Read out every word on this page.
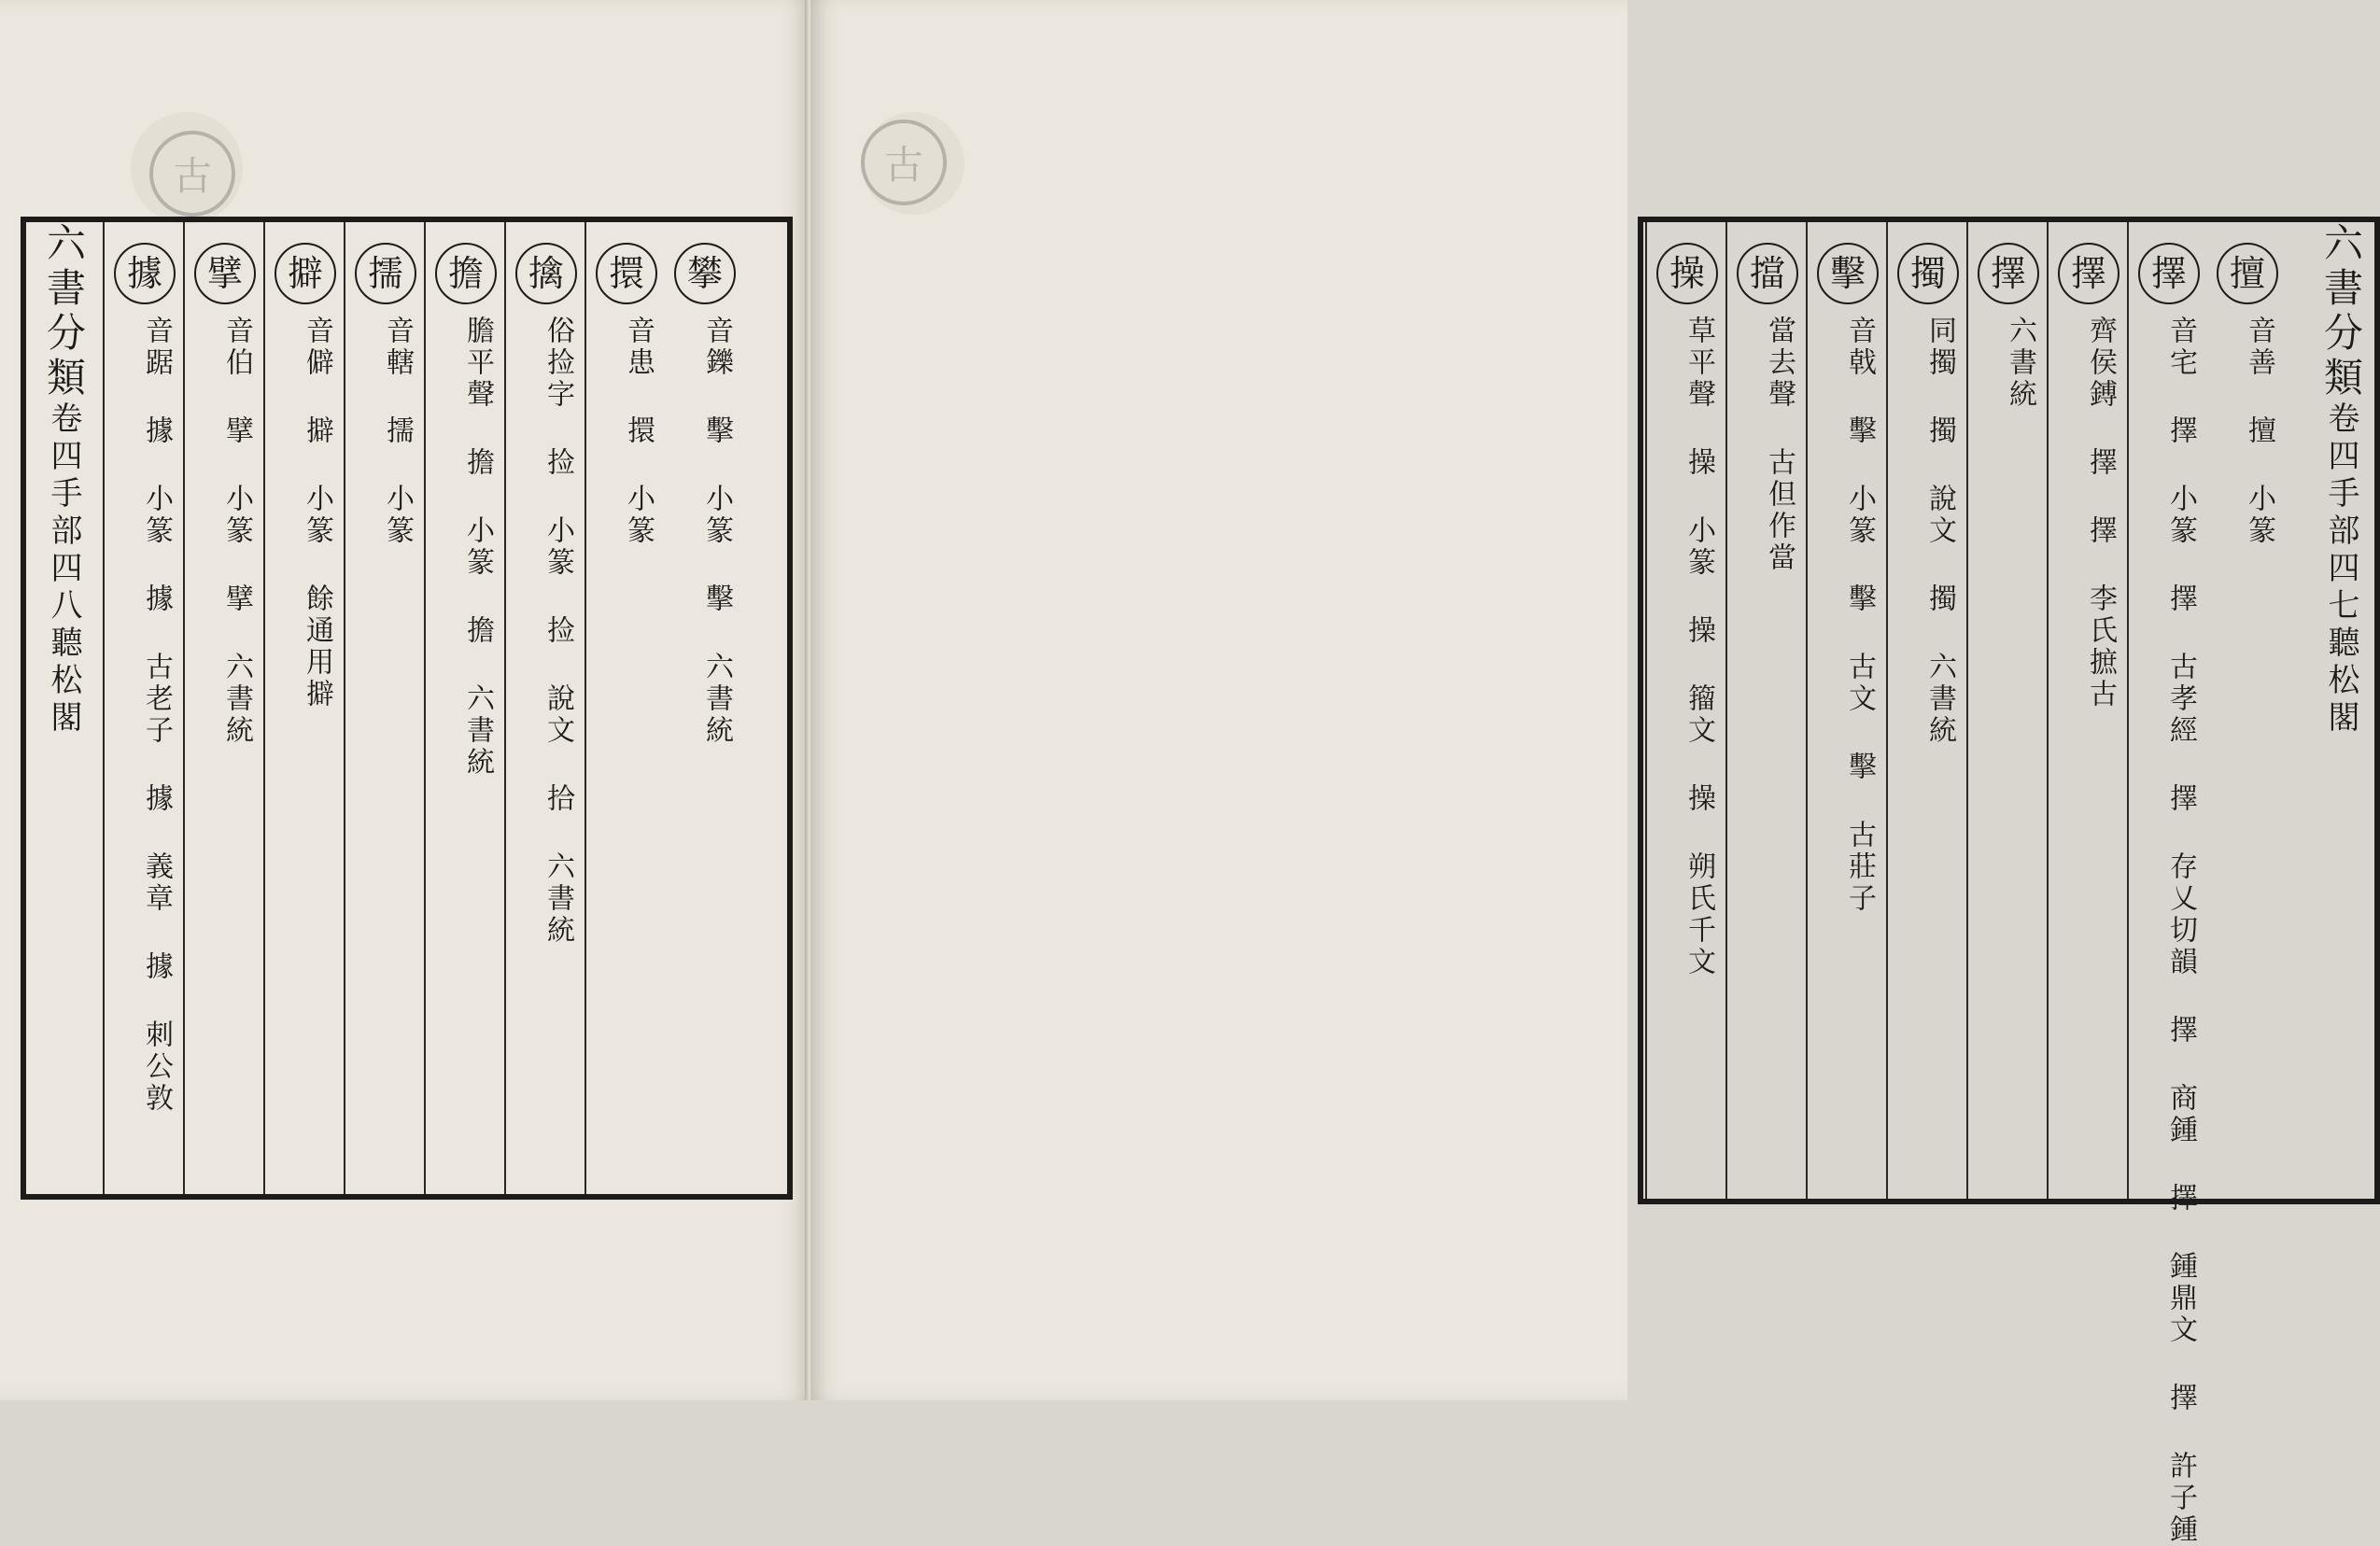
古
六書分類卷四手部四八聽松閣
攀
音鑠 擊 小篆 擊 六書統
擐
音患 擐 小篆
擒
俗捡字 捡 小篆 捡 說文 拾 六書統
擔
膽平聲 擔 小篆 擔 六書統
擩
音轄 擩 小篆
擗
音僻 擗 小篆 餘通用擗
擘
音伯 擘 小篆 擘 六書統
據
音踞 據 小篆 據 古老子 據 義章 據 刺公敦
古
六書分類卷四手部四七聽松閣
擅
音善 擅 小篆
擇
音宅 擇 小篆 擇 古孝經 擇 存乂切韻 擇 商鍾 擇 鍾鼎文 擇 許子鍾
擇
齊侯鎛 擇 擇 李氏摭古
擇
六書統
擉
同擉 擉 說文 擉 六書統
擊
音戟 擊 小篆 擊 古文 擊 古莊子
擋
當去聲 古但作當
操
草平聲 操 小篆 操 籀文 操 朔氏千文
